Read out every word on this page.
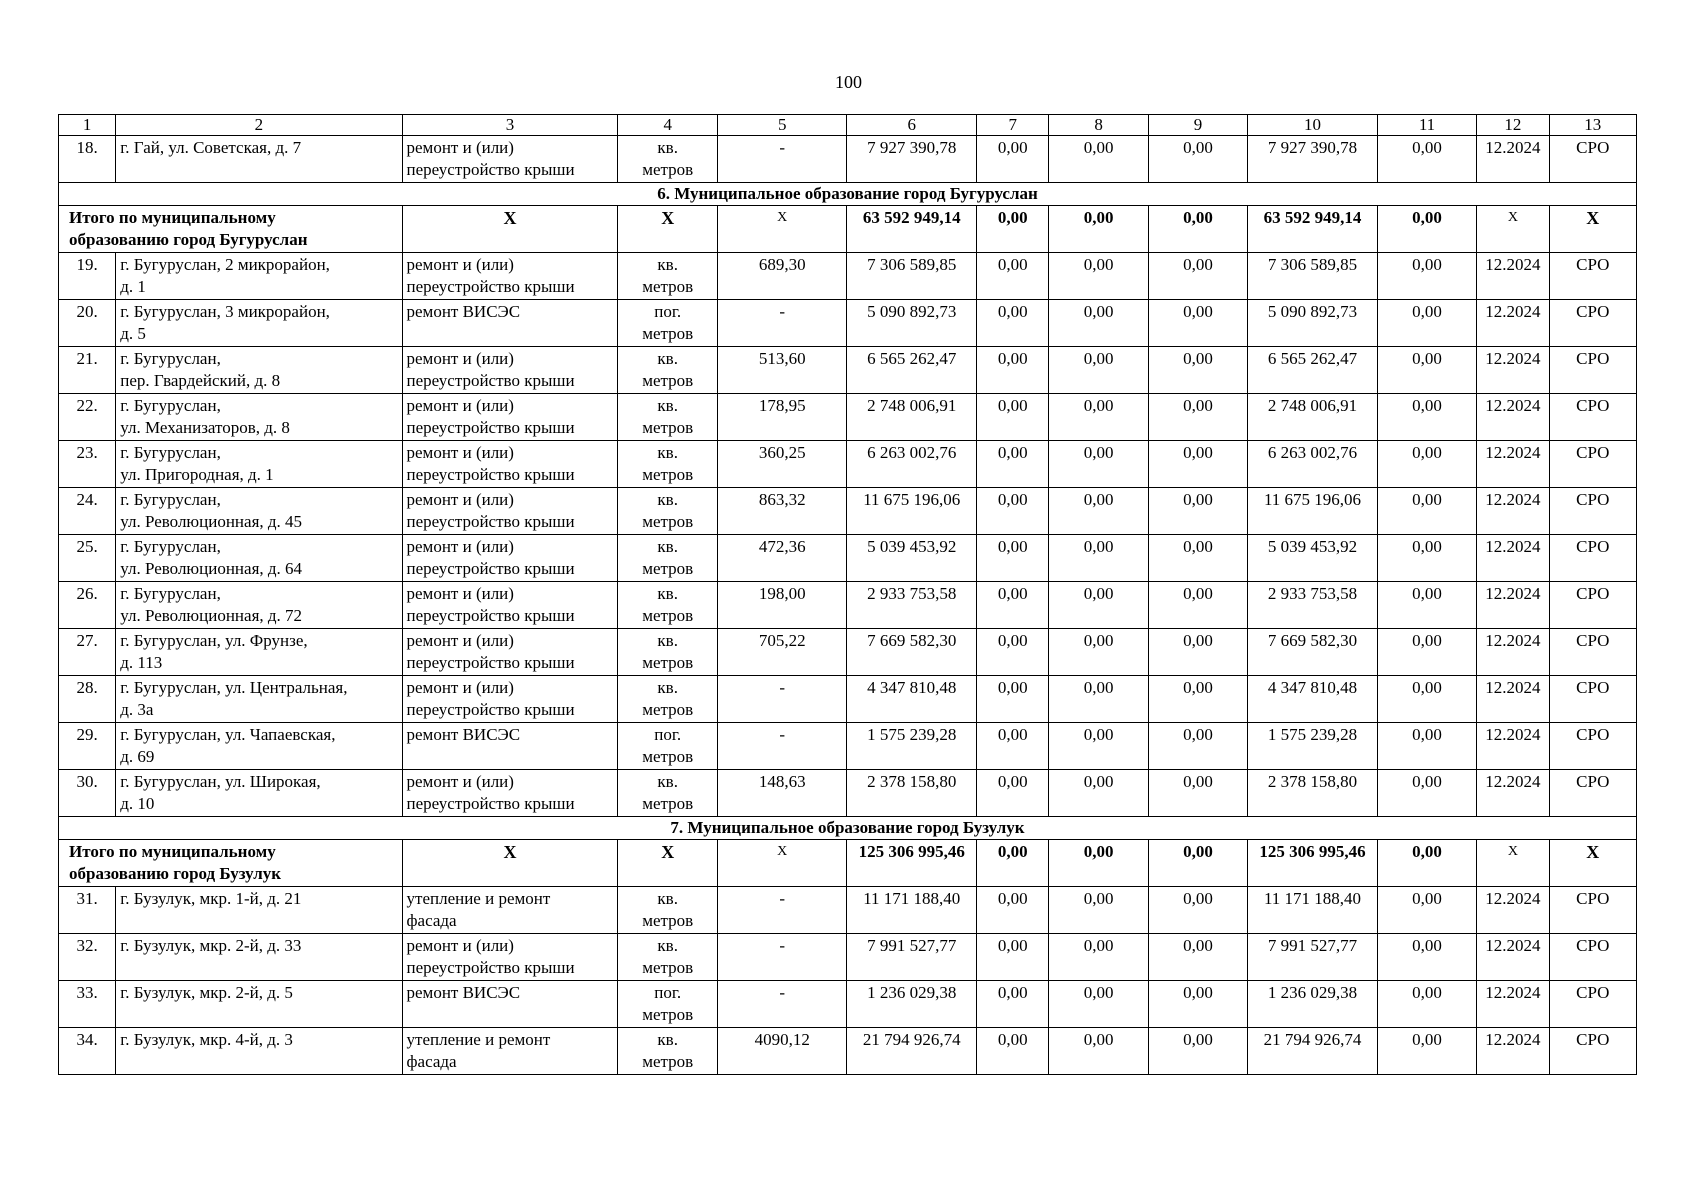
100
1	2	3	4	5	6	7	8	9	10	11	12	13
18.	г. Гай, ул. Советская, д. 7	ремонт и (или)
переустройство крыши	кв.
метров	-	7 927 390,78	0,00	0,00	0,00	7 927 390,78	0,00	12.2024	СРО
6. Муниципальное образование город Бугуруслан												
Итого по муниципальному
образованию город Бугуруслан		Х	Х	Х	63 592 949,14	0,00	0,00	0,00	63 592 949,14	0,00	Х	Х
19.	г. Бугуруслан, 2 микрорайон,
д. 1	ремонт и (или)
переустройство крыши	кв.
метров	689,30	7 306 589,85	0,00	0,00	0,00	7 306 589,85	0,00	12.2024	СРО
20.	г. Бугуруслан, 3 микрорайон,
д. 5	ремонт ВИСЭС	пог.
метров	-	5 090 892,73	0,00	0,00	0,00	5 090 892,73	0,00	12.2024	СРО
21.	г. Бугуруслан,
пер. Гвардейский, д. 8	ремонт и (или)
переустройство крыши	кв.
метров	513,60	6 565 262,47	0,00	0,00	0,00	6 565 262,47	0,00	12.2024	СРО
22.	г. Бугуруслан,
ул. Механизаторов, д. 8	ремонт и (или)
переустройство крыши	кв.
метров	178,95	2 748 006,91	0,00	0,00	0,00	2 748 006,91	0,00	12.2024	СРО
23.	г. Бугуруслан,
ул. Пригородная, д. 1	ремонт и (или)
переустройство крыши	кв.
метров	360,25	6 263 002,76	0,00	0,00	0,00	6 263 002,76	0,00	12.2024	СРО
24.	г. Бугуруслан,
ул. Революционная, д. 45	ремонт и (или)
переустройство крыши	кв.
метров	863,32	11 675 196,06	0,00	0,00	0,00	11 675 196,06	0,00	12.2024	СРО
25.	г. Бугуруслан,
ул. Революционная, д. 64	ремонт и (или)
переустройство крыши	кв.
метров	472,36	5 039 453,92	0,00	0,00	0,00	5 039 453,92	0,00	12.2024	СРО
26.	г. Бугуруслан,
ул. Революционная, д. 72	ремонт и (или)
переустройство крыши	кв.
метров	198,00	2 933 753,58	0,00	0,00	0,00	2 933 753,58	0,00	12.2024	СРО
27.	г. Бугуруслан, ул. Фрунзе,
д. 113	ремонт и (или)
переустройство крыши	кв.
метров	705,22	7 669 582,30	0,00	0,00	0,00	7 669 582,30	0,00	12.2024	СРО
28.	г. Бугуруслан, ул. Центральная,
д. 3а	ремонт и (или)
переустройство крыши	кв.
метров	-	4 347 810,48	0,00	0,00	0,00	4 347 810,48	0,00	12.2024	СРО
29.	г. Бугуруслан, ул. Чапаевская,
д. 69	ремонт ВИСЭС	пог.
метров	-	1 575 239,28	0,00	0,00	0,00	1 575 239,28	0,00	12.2024	СРО
30.	г. Бугуруслан, ул. Широкая,
д. 10	ремонт и (или)
переустройство крыши	кв.
метров	148,63	2 378 158,80	0,00	0,00	0,00	2 378 158,80	0,00	12.2024	СРО
7. Муниципальное образование город Бузулук												
Итого по муниципальному
образованию город Бузулук		Х	Х	Х	125 306 995,46	0,00	0,00	0,00	125 306 995,46	0,00	Х	Х
31.	г. Бузулук, мкр. 1-й, д. 21	утепление и ремонт
фасада	кв.
метров	-	11 171 188,40	0,00	0,00	0,00	11 171 188,40	0,00	12.2024	СРО
32.	г. Бузулук, мкр. 2-й, д. 33	ремонт и (или)
переустройство крыши	кв.
метров	-	7 991 527,77	0,00	0,00	0,00	7 991 527,77	0,00	12.2024	СРО
33.	г. Бузулук, мкр. 2-й, д. 5	ремонт ВИСЭС	пог.
метров	-	1 236 029,38	0,00	0,00	0,00	1 236 029,38	0,00	12.2024	СРО
34.	г. Бузулук, мкр. 4-й, д. 3	утепление и ремонт
фасада	кв.
метров	4090,12	21 794 926,74	0,00	0,00	0,00	21 794 926,74	0,00	12.2024	СРО
